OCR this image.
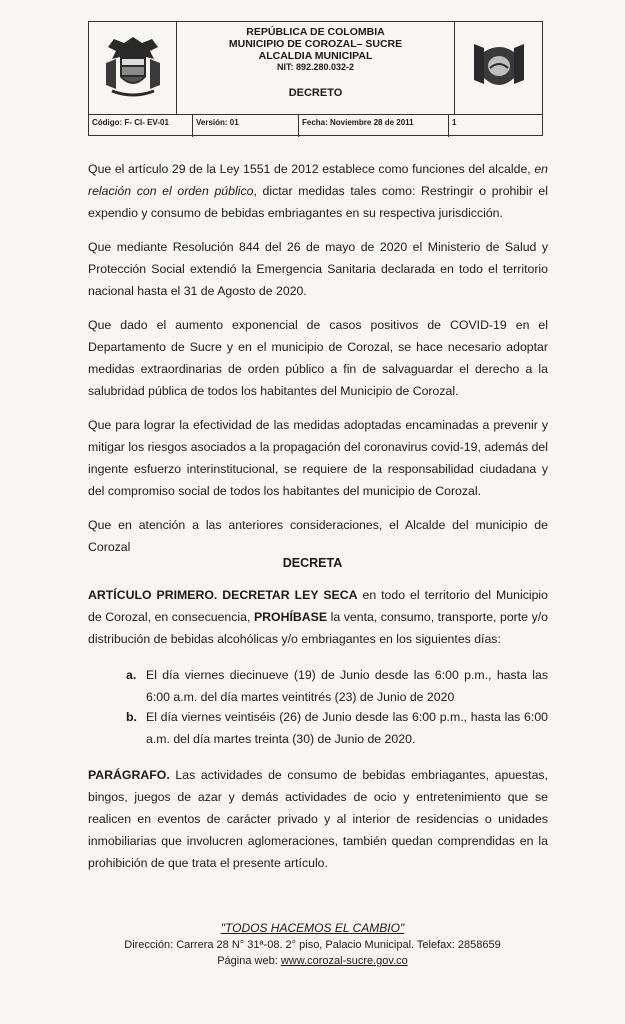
REPÚBLICA DE COLOMBIA
MUNICIPIO DE COROZAL– SUCRE
ALCALDIA MUNICIPAL
NIT: 892.280.032-2
DECRETO
Código: F- CI- EV-01	Versión: 01	Fecha: Noviembre 28 de 2011	1
Que el artículo 29 de la Ley 1551 de 2012 establece como funciones del alcalde, en relación con el orden público, dictar medidas tales como: Restringir o prohibir el expendio y consumo de bebidas embriagantes en su respectiva jurisdicción.
Que mediante Resolución 844 del 26 de mayo de 2020 el Ministerio de Salud y Protección Social extendió la Emergencia Sanitaria declarada en todo el territorio nacional hasta el 31 de Agosto de 2020.
Que dado el aumento exponencial de casos positivos de COVID-19 en el Departamento de Sucre y en el municipio de Corozal, se hace necesario adoptar medidas extraordinarias de orden público a fin de salvaguardar el derecho a la salubridad pública de todos los habitantes del Municipio de Corozal.
Que para lograr la efectividad de las medidas adoptadas encaminadas a prevenir y mitigar los riesgos asociados a la propagación del coronavirus covid-19, además del ingente esfuerzo interinstitucional, se requiere de la responsabilidad ciudadana y del compromiso social de todos los habitantes del municipio de Corozal.
Que en atención a las anteriores consideraciones, el Alcalde del municipio de Corozal
DECRETA
ARTÍCULO PRIMERO. DECRETAR LEY SECA en todo el territorio del Municipio de Corozal, en consecuencia, PROHÍBASE la venta, consumo, transporte, porte y/o distribución de bebidas alcohólicas y/o embriagantes en los siguientes días:
a. El día viernes diecinueve (19) de Junio desde las 6:00 p.m., hasta las 6:00 a.m. del día martes veintitrés (23) de Junio de 2020
b. El día viernes veintiséis (26) de Junio desde las 6:00 p.m., hasta las 6:00 a.m. del día martes treinta (30) de Junio de 2020.
PARÁGRAFO. Las actividades de consumo de bebidas embriagantes, apuestas, bingos, juegos de azar y demás actividades de ocio y entretenimiento que se realicen en eventos de carácter privado y al interior de residencias o unidades inmobiliarias que involucren aglomeraciones, también quedan comprendidas en la prohibición de que trata el presente artículo.
"TODOS HACEMOS EL CAMBIO"
Dirección: Carrera 28 N° 31ª-08. 2° piso, Palacio Municipal. Telefax: 2858659
Página web: www.corozal-sucre.gov.co
